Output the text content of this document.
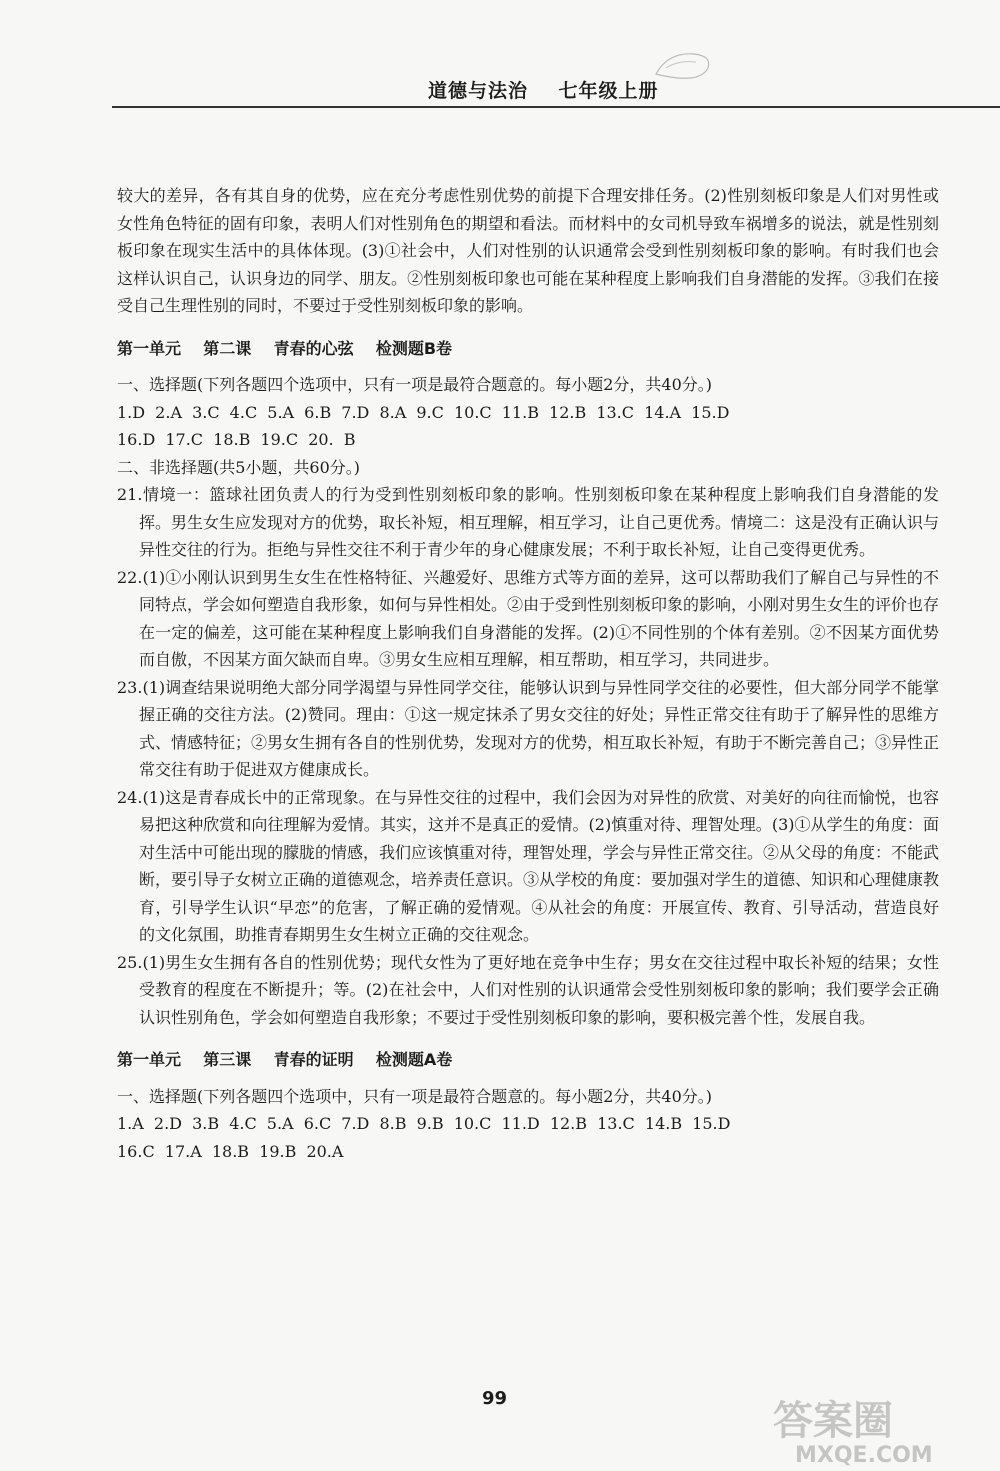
道德与法治    七年级上册

较大的差异，各有其自身的优势，应在充分考虑性别优势的前提下合理安排任务。(2)性别刻板印象是人们对男性或女性角色特征的固有印象，表明人们对性别角色的期望和看法。而材料中的女司机导致车祸增多的说法，就是性别刻板印象在现实生活中的具体体现。(3)①社会中，人们对性别的认识通常会受到性别刻板印象的影响。有时我们也会这样认识自己，认识身边的同学、朋友。②性别刻板印象也可能在某种程度上影响我们自身潜能的发挥。③我们在接受自己生理性别的同时，不要过于受性别刻板印象的影响。

第一单元    第二课    青春的心弦    检测题B卷

一、选择题(下列各题四个选项中，只有一项是最符合题意的。每小题2分，共40分。)

1.D 2.A 3.C 4.C 5.A 6.B 7.D 8.A 9.C 10.C 11.B 12.B 13.C 14.A 15.D

16.D 17.C 18.B 19.C 20. B

二、非选择题(共5小题，共60分。)

21.情境一：篮球社团负责人的行为受到性别刻板印象的影响。性别刻板印象在某种程度上影响我们自身潜能的发挥。男生女生应发现对方的优势，取长补短，相互理解，相互学习，让自己更优秀。情境二：这是没有正确认识与异性交往的行为。拒绝与异性交往不利于青少年的身心健康发展；不利于取长补短，让自己变得更优秀。

22.(1)①小刚认识到男生女生在性格特征、兴趣爱好、思维方式等方面的差异，这可以帮助我们了解自己与异性的不同特点，学会如何塑造自我形象，如何与异性相处。②由于受到性别刻板印象的影响，小刚对男生女生的评价也存在一定的偏差，这可能在某种程度上影响我们自身潜能的发挥。(2)①不同性别的个体有差别。②不因某方面优势而自傲，不因某方面欠缺而自卑。③男女生应相互理解，相互帮助，相互学习，共同进步。

23.(1)调查结果说明绝大部分同学渴望与异性同学交往，能够认识到与异性同学交往的必要性，但大部分同学不能掌握正确的交往方法。(2)赞同。理由：①这一规定抹杀了男女交往的好处；异性正常交往有助于了解异性的思维方式、情感特征；②男女生拥有各自的性别优势，发现对方的优势，相互取长补短，有助于不断完善自己；③异性正常交往有助于促进双方健康成长。

24.(1)这是青春成长中的正常现象。在与异性交往的过程中，我们会因为对异性的欣赏、对美好的向往而愉悦，也容易把这种欣赏和向往理解为爱情。其实，这并不是真正的爱情。(2)慎重对待、理智处理。(3)①从学生的角度：面对生活中可能出现的朦胧的情感，我们应该慎重对待，理智处理，学会与异性正常交往。②从父母的角度：不能武断，要引导子女树立正确的道德观念，培养责任意识。③从学校的角度：要加强对学生的道德、知识和心理健康教育，引导学生认识“早恋”的危害，了解正确的爱情观。④从社会的角度：开展宣传、教育、引导活动，营造良好的文化氛围，助推青春期男生女生树立正确的交往观念。

25.(1)男生女生拥有各自的性别优势；现代女性为了更好地在竞争中生存；男女在交往过程中取长补短的结果；女性受教育的程度在不断提升；等。(2)在社会中，人们对性别的认识通常会受性别刻板印象的影响；我们要学会正确认识性别角色，学会如何塑造自我形象；不要过于受性别刻板印象的影响，要积极完善个性，发展自我。

第一单元    第三课    青春的证明    检测题A卷

一、选择题(下列各题四个选项中，只有一项是最符合题意的。每小题2分，共40分。)

1.A 2.D 3.B 4.C 5.A 6.C 7.D 8.B 9.B 10.C 11.D 12.B 13.C 14.B 15.D

16.C 17.A 18.B 19.B 20.A

99	答案圈
MXQE.COM
